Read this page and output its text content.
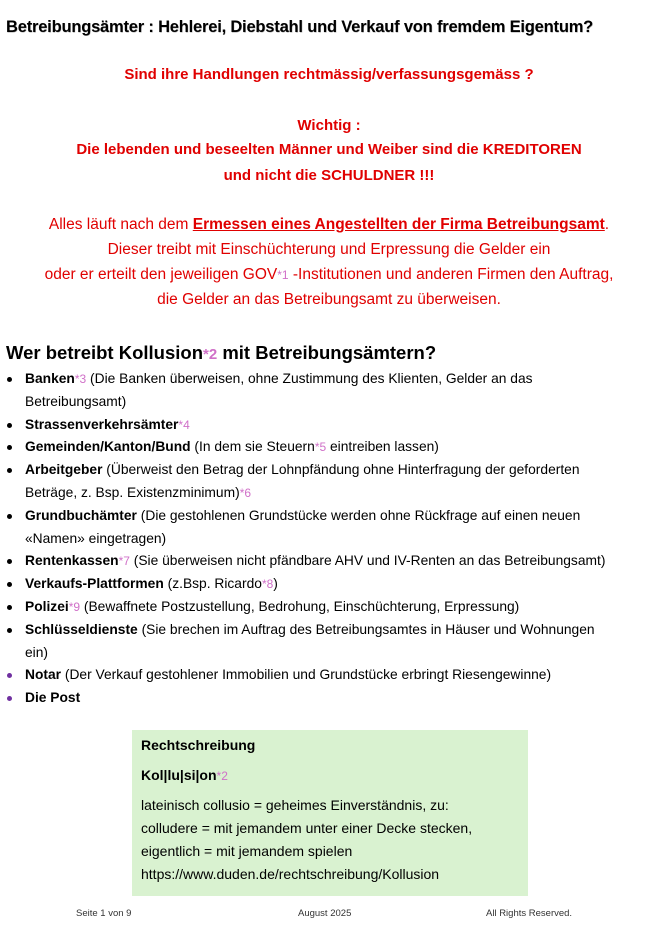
Betreibungsämter : Hehlerei, Diebstahl und Verkauf von fremdem Eigentum?
Sind ihre Handlungen rechtmässig/verfassungsgemäss ?
Wichtig :
Die lebenden und beseelten Männer und Weiber sind die KREDITOREN
und nicht die SCHULDNER !!!
Alles läuft nach dem Ermessen eines Angestellten der Firma Betreibungsamt.
Dieser treibt mit Einschüchterung und Erpressung die Gelder ein
oder er erteilt den jeweiligen GOV*1 -Institutionen und anderen Firmen den Auftrag,
die Gelder an das Betreibungsamt zu überweisen.
Wer betreibt Kollusion*2 mit Betreibungsämtern?
Banken*3 (Die Banken überweisen, ohne Zustimmung des Klienten, Gelder an das
Betreibungsamt)
Strassenverkehrsämter*4
Gemeinden/Kanton/Bund (In dem sie Steuern*5 eintreiben lassen)
Arbeitgeber (Überweist den Betrag der Lohnpfändung ohne Hinterfragung der geforderten
Beträge, z. Bsp. Existenzminimum)*6
Grundbuchämter (Die gestohlenen Grundstücke werden ohne Rückfrage auf einen neuen
«Namen» eingetragen)
Rentenkassen*7 (Sie überweisen nicht pfändbare AHV und IV-Renten an das Betreibungsamt)
Verkaufs-Plattformen (z.Bsp. Ricardo*8)
Polizei*9 (Bewaffnete Postzustellung, Bedrohung, Einschüchterung, Erpressung)
Schlüsseldienste (Sie brechen im Auftrag des Betreibungsamtes in Häuser und Wohnungen
ein)
Notar (Der Verkauf gestohlener Immobilien und Grundstücke erbringt Riesengewinne)
Die Post
Rechtschreibung
Kol|lu|si|on*2
lateinisch collusio = geheimes Einverständnis, zu:
colludere = mit jemandem unter einer Decke stecken,
eigentlich = mit jemandem spielen
https://www.duden.de/rechtschreibung/Kollusion
Seite 1 von 9	August 2025	All Rights Reserved.
